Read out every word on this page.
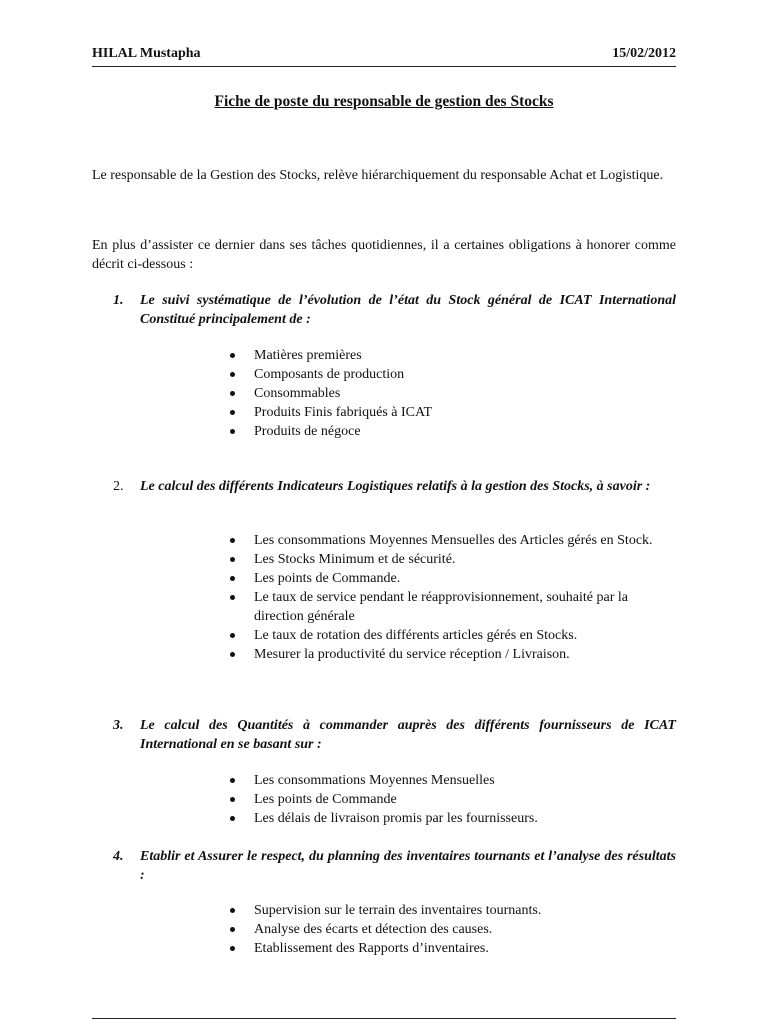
HILAL Mustapha	15/02/2012
Fiche de poste du responsable de gestion des Stocks
Le responsable de la Gestion des Stocks, relève hiérarchiquement du responsable Achat et Logistique.
En plus d’assister ce dernier dans ses tâches quotidiennes, il a certaines obligations à honorer comme décrit ci-dessous :
1. Le suivi systématique de l’évolution de l’état du Stock général de ICAT International Constitué principalement de :
Matières premières
Composants de production
Consommables
Produits Finis fabriqués à ICAT
Produits de négoce
2. Le calcul des différents Indicateurs Logistiques relatifs à la gestion des Stocks, à savoir :
Les consommations Moyennes Mensuelles des Articles gérés en Stock.
Les Stocks Minimum et de sécurité.
Les points de Commande.
Le taux de service pendant le réapprovisionnement, souhaité par la direction générale
Le taux de rotation des différents articles gérés en Stocks.
Mesurer la productivité du service réception / Livraison.
3. Le calcul des Quantités à commander auprès des différents fournisseurs de ICAT International en se basant sur :
Les consommations Moyennes Mensuelles
Les points de Commande
Les délais de livraison promis par les fournisseurs.
4. Etablir et Assurer le respect, du planning des inventaires tournants et l’analyse des résultats :
Supervision sur le terrain des inventaires tournants.
Analyse des écarts et détection des causes.
Etablissement des Rapports d’inventaires.
